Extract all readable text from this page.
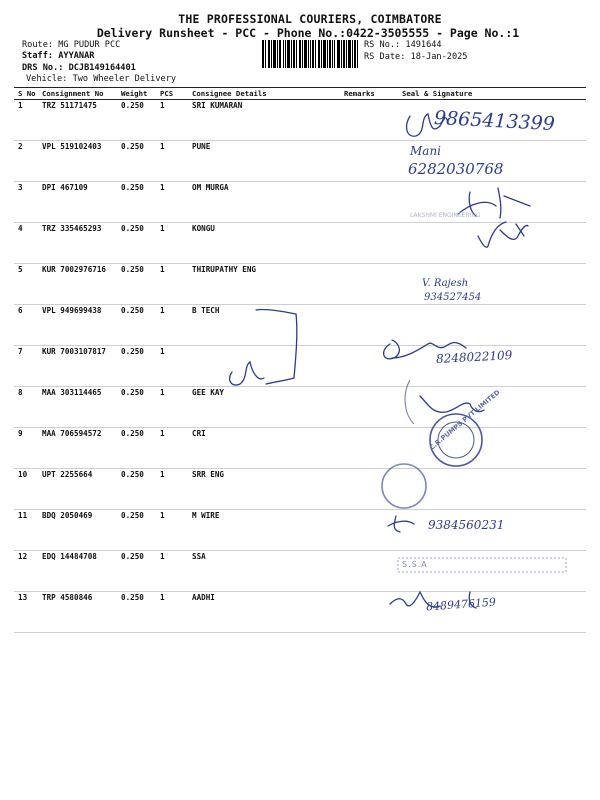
THE PROFESSIONAL COURIERS, COIMBATORE
Delivery Runsheet - PCC - Phone No.:0422-3505555 - Page No.:1
Route: MG PUDUR PCC
Staff: AYYANAR
DRS No.: DCJB149164401
Vehicle: Two Wheeler Delivery
RS No.: 1491644
RS Date: 18-Jan-2025
S No Consignment No Weight PCS	Consignee Details	Remarks	Seal & Signature
1	TRZ 51171475	0.250 1	SRI KUMARAN
2	VPL 519102403	0.250 1	PUNE
3	DPI 467109	0.250 1	OM MURGA
4	TRZ 335465293	0.250 1	KONGU
5	KUR 7002976716 0.250 1	THIRUPATHY ENG
6	VPL 949699438	0.250 1	B TECH
7	KUR 7003107817 0.250 1
8	MAA 303114465	0.250 1	GEE KAY
9	MAA 706594572	0.250 1	CRI
10 UPT 2255664	0.250 1	SRR ENG
11 BDQ 2050469	0.250 1	M WIRE
12 EDQ 14484708	0.250 1	SSA
13 TRP 4580846	0.250 1	AADHI
9865413399
Mani
6282030768
V. Rajesh
934527454
8248022109
9384560231
8489476159
C.R.PUMPS PVT LIMITED
S.S.A
LAKSHMI ENGINEERING
